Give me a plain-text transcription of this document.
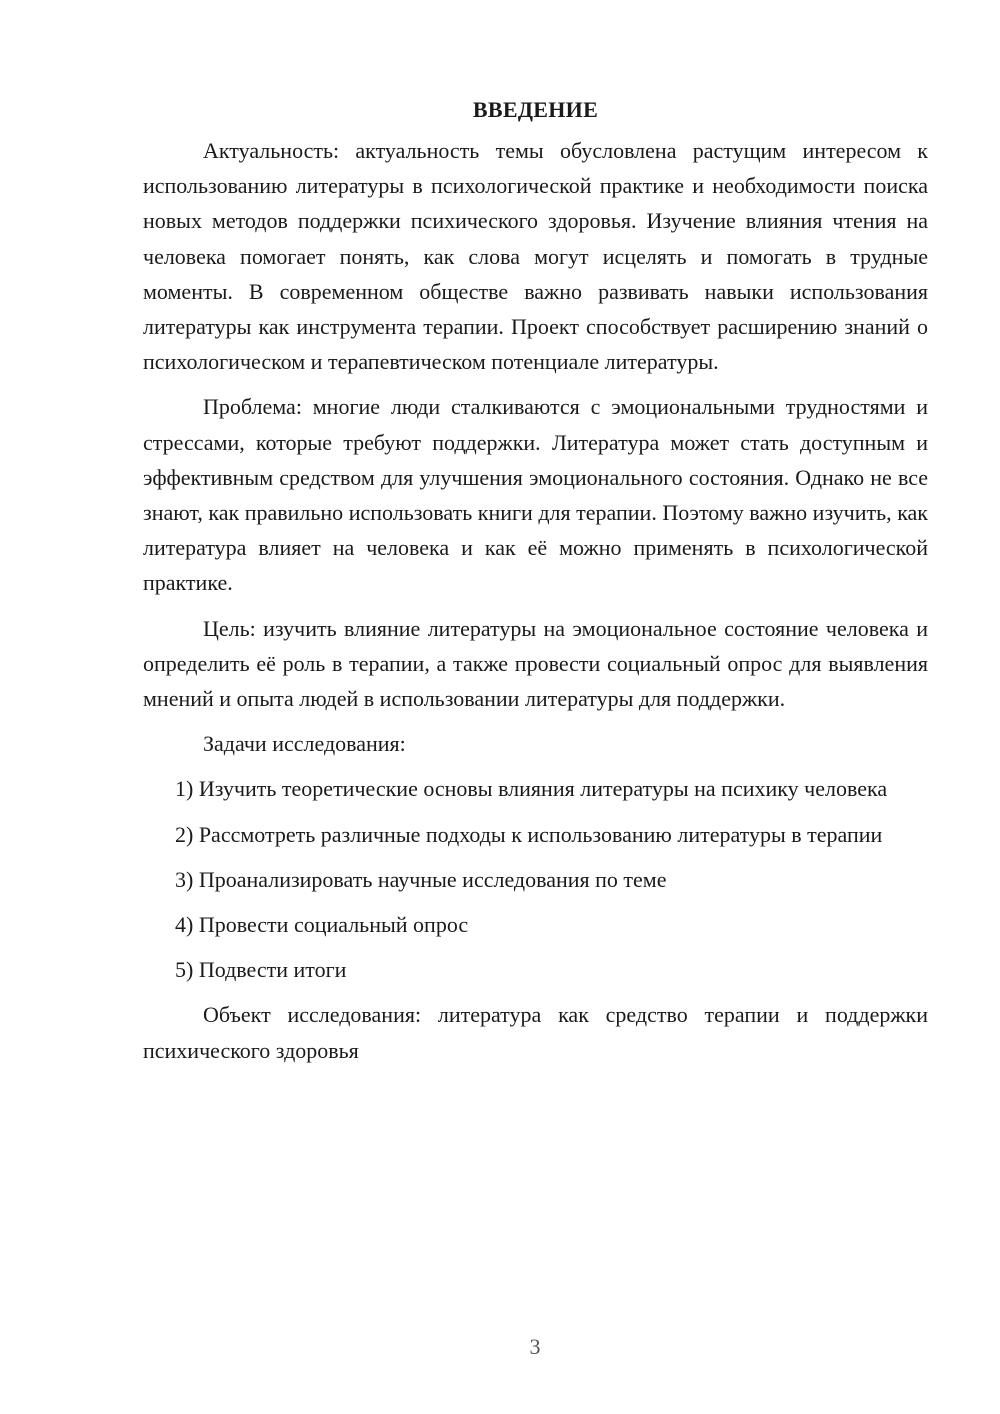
ВВЕДЕНИЕ

Актуальность: актуальность темы обусловлена растущим интересом к использованию литературы в психологической практике и необходимости поиска новых методов поддержки психического здоровья. Изучение влияния чтения на человека помогает понять, как слова могут исцелять и помогать в трудные моменты. В современном обществе важно развивать навыки использования литературы как инструмента терапии. Проект способствует расширению знаний о психологическом и терапевтическом потенциале литературы.

Проблема: многие люди сталкиваются с эмоциональными трудностями и стрессами, которые требуют поддержки. Литература может стать доступным и эффективным средством для улучшения эмоционального состояния. Однако не все знают, как правильно использовать книги для терапии. Поэтому важно изучить, как литература влияет на человека и как её можно применять в психологической практике.

Цель: изучить влияние литературы на эмоциональное состояние человека и определить её роль в терапии, а также провести социальный опрос для выявления мнений и опыта людей в использовании литературы для поддержки.

Задачи исследования:

1) Изучить теоретические основы влияния литературы на психику человека

2) Рассмотреть различные подходы к использованию литературы в терапии

3) Проанализировать научные исследования по теме

4) Провести социальный опрос

5) Подвести итоги

Объект исследования: литература как средство терапии и поддержки психического здоровья

3
